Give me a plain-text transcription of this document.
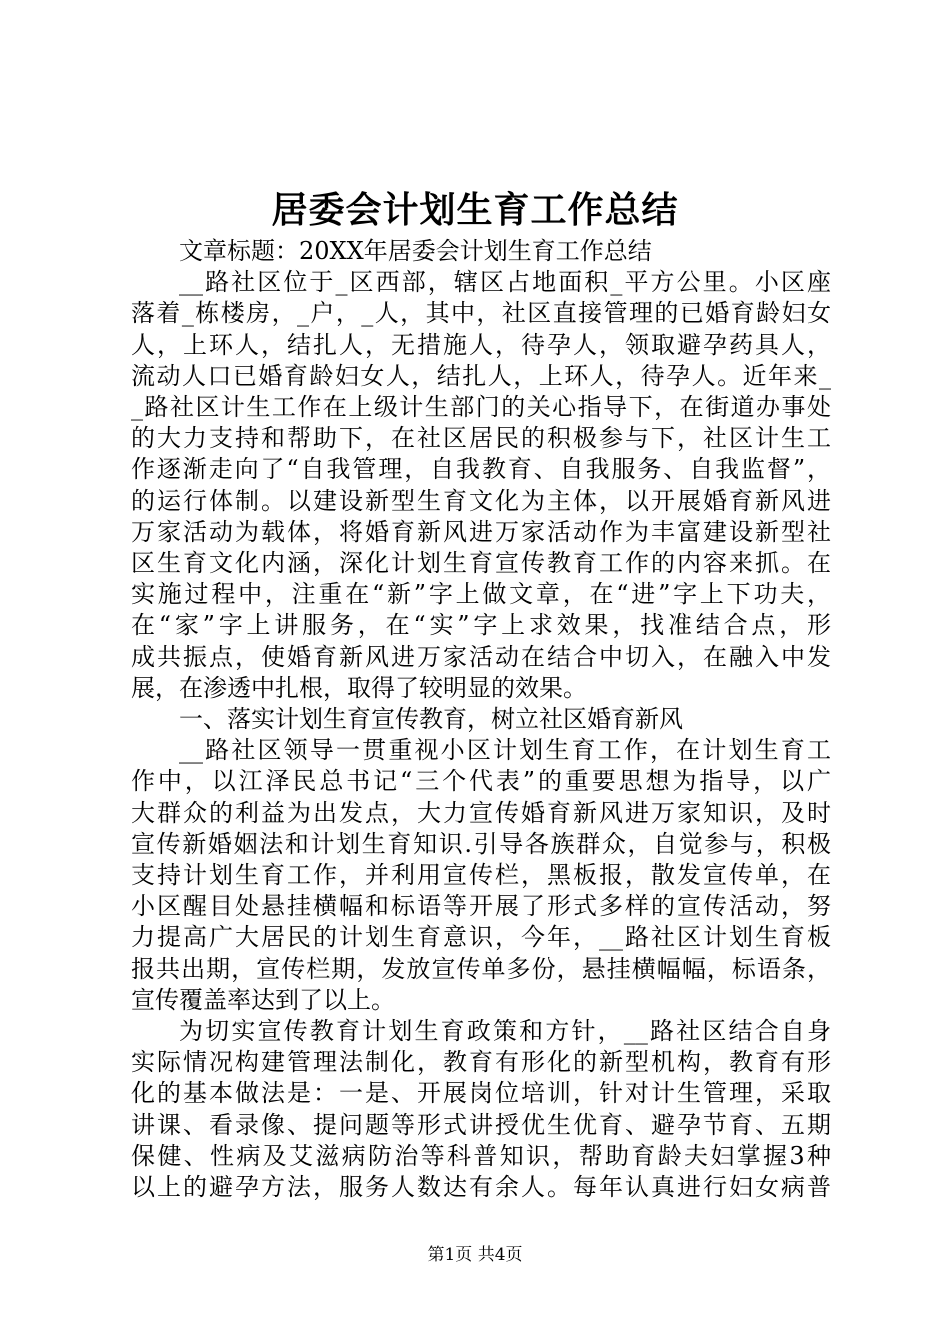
居委会计划生育工作总结
文章标题：20XX年居委会计划生育工作总结
__路社区位于_区西部，辖区占地面积_平方公里。小区座
落着_栋楼房，_户，_人，其中，社区直接管理的已婚育龄妇女
人，上环人，结扎人，无措施人，待孕人，领取避孕药具人，
流动人口已婚育龄妇女人，结扎人，上环人，待孕人。近年来_
_路社区计生工作在上级计生部门的关心指导下，在街道办事处
的大力支持和帮助下，在社区居民的积极参与下，社区计生工
作逐渐走向了“自我管理，自我教育、自我服务、自我监督”，
的运行体制。以建设新型生育文化为主体，以开展婚育新风进
万家活动为载体，将婚育新风进万家活动作为丰富建设新型社
区生育文化内涵，深化计划生育宣传教育工作的内容来抓。在
实施过程中，注重在“新”字上做文章，在“进”字上下功夫，
在“家”字上讲服务，在“实”字上求效果，找准结合点，形
成共振点，使婚育新风进万家活动在结合中切入，在融入中发
展，在渗透中扎根，取得了较明显的效果。
一、落实计划生育宣传教育，树立社区婚育新风
__路社区领导一贯重视小区计划生育工作，在计划生育工
作中，以江泽民总书记“三个代表”的重要思想为指导，以广
大群众的利益为出发点，大力宣传婚育新风进万家知识，及时
宣传新婚姻法和计划生育知识.引导各族群众，自觉参与，积极
支持计划生育工作，并利用宣传栏，黑板报，散发宣传单，在
小区醒目处悬挂横幅和标语等开展了形式多样的宣传活动，努
力提高广大居民的计划生育意识，今年，__路社区计划生育板
报共出期，宣传栏期，发放宣传单多份，悬挂横幅幅，标语条，
宣传覆盖率达到了以上。
为切实宣传教育计划生育政策和方针，__路社区结合自身
实际情况构建管理法制化，教育有形化的新型机构，教育有形
化的基本做法是：一是、开展岗位培训，针对计生管理，采取
讲课、看录像、提问题等形式讲授优生优育、避孕节育、五期
保健、性病及艾滋病防治等科普知识，帮助育龄夫妇掌握3种
以上的避孕方法，服务人数达有余人。每年认真进行妇女病普
第1页 共4页
